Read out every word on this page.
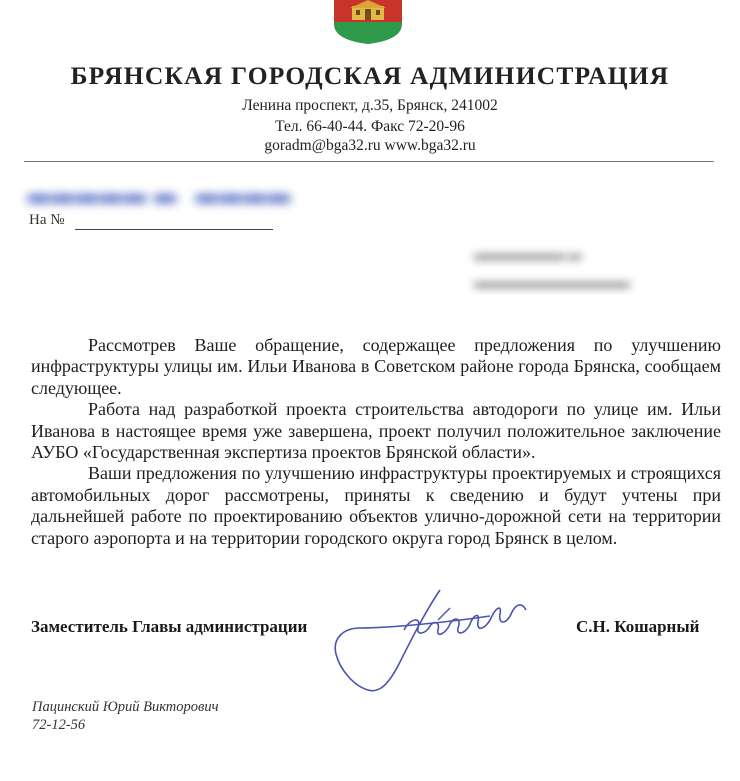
БРЯНСКАЯ ГОРОДСКАЯ АДМИНИСТРАЦИЯ
Ленина проспект, д.35, Брянск, 241002
Тел. 66-40-44. Факс 72-20-96
goradm@bga32.ru www.bga32.ru
▬▬▬▬▬ ▬ ▬▬▬▬
На №
▬▬▬▬▬▬▬ ▬
▬▬▬▬▬▬▬▬▬▬▬▬

Рассмотрев Ваше обращение, содержащее предложения по улучшению инфраструктуры улицы им. Ильи Иванова в Советском районе города Брянска, сообщаем следующее.

Работа над разработкой проекта строительства автодороги по улице им. Ильи Иванова в настоящее время уже завершена, проект получил положительное заключение АУБО «Государственная экспертиза проектов Брянской области».

Ваши предложения по улучшению инфраструктуры проектируемых и строящихся автомобильных дорог рассмотрены, приняты к сведению и будут учтены при дальнейшей работе по проектированию объектов улично-дорожной сети на территории старого аэропорта и на территории городского округа город Брянск в целом.

Заместитель Главы администрации	С.Н. Кошарный
Пацинский Юрий Викторович
72-12-56
